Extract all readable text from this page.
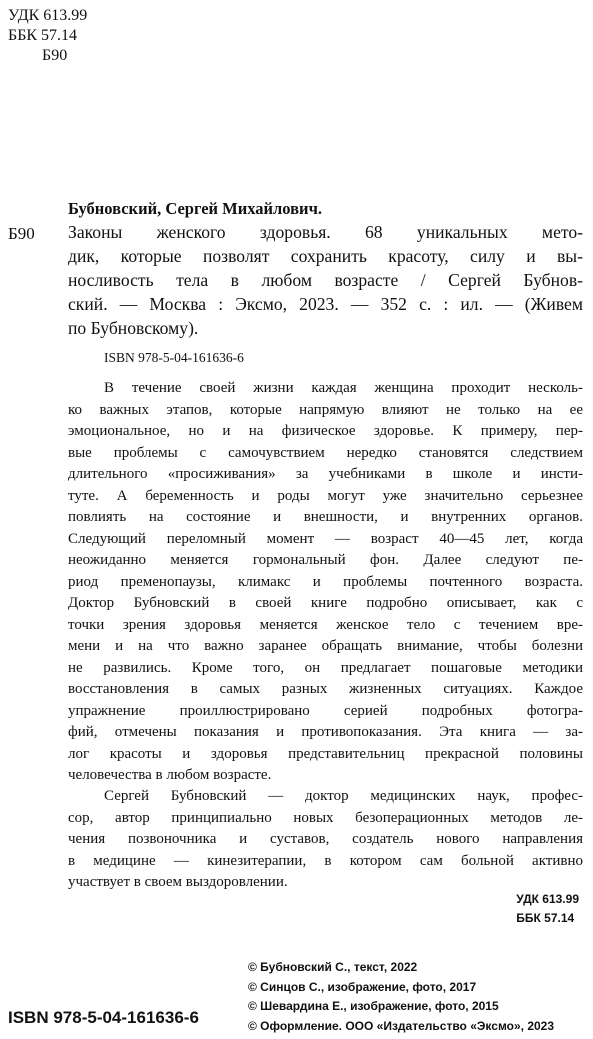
УДК 613.99
ББК 57.14
Б90
Бубновский, Сергей Михайлович.
Б90 Законы женского здоровья. 68 уникальных мето-
дик, которые позволят сохранить красоту, силу и вы-
носливость тела в любом возрасте / Сергей Бубнов-
ский. — Москва : Эксмо, 2023. — 352 с. : ил. — (Живем
по Бубновскому).
ISBN 978-5-04-161636-6
В течение своей жизни каждая женщина проходит несколь-
ко важных этапов, которые напрямую влияют не только на ее
эмоциональное, но и на физическое здоровье. К примеру, пер-
вые проблемы с самочувствием нередко становятся следствием
длительного «просиживания» за учебниками в школе и инсти-
туте. А беременность и роды могут уже значительно серьезнее
повлиять на состояние и внешности, и внутренних органов.
Следующий переломный момент — возраст 40—45 лет, когда
неожиданно меняется гормональный фон. Далее следуют пе-
риод пременопаузы, климакс и проблемы почтенного возраста.
Доктор Бубновский в своей книге подробно описывает, как с
точки зрения здоровья меняется женское тело с течением вре-
мени и на что важно заранее обращать внимание, чтобы болезни
не развились. Кроме того, он предлагает пошаговые методики
восстановления в самых разных жизненных ситуациях. Каждое
упражнение проиллюстрировано серией подробных фотогра-
фий, отмечены показания и противопоказания. Эта книга — за-
лог красоты и здоровья представительниц прекрасной половины
человечества в любом возрасте.
Сергей Бубновский — доктор медицинских наук, профес-
сор, автор принципиально новых безоперационных методов ле-
чения позвоночника и суставов, создатель нового направления
в медицине — кинезитерапии, в котором сам больной активно
участвует в своем выздоровлении.
УДК 613.99
ББК 57.14
© Бубновский С., текст, 2022
© Синцов С., изображение, фото, 2017
© Шевардина Е., изображение, фото, 2015
© Оформление. ООО «Издательство «Эксмо», 2023
ISBN 978-5-04-161636-6
